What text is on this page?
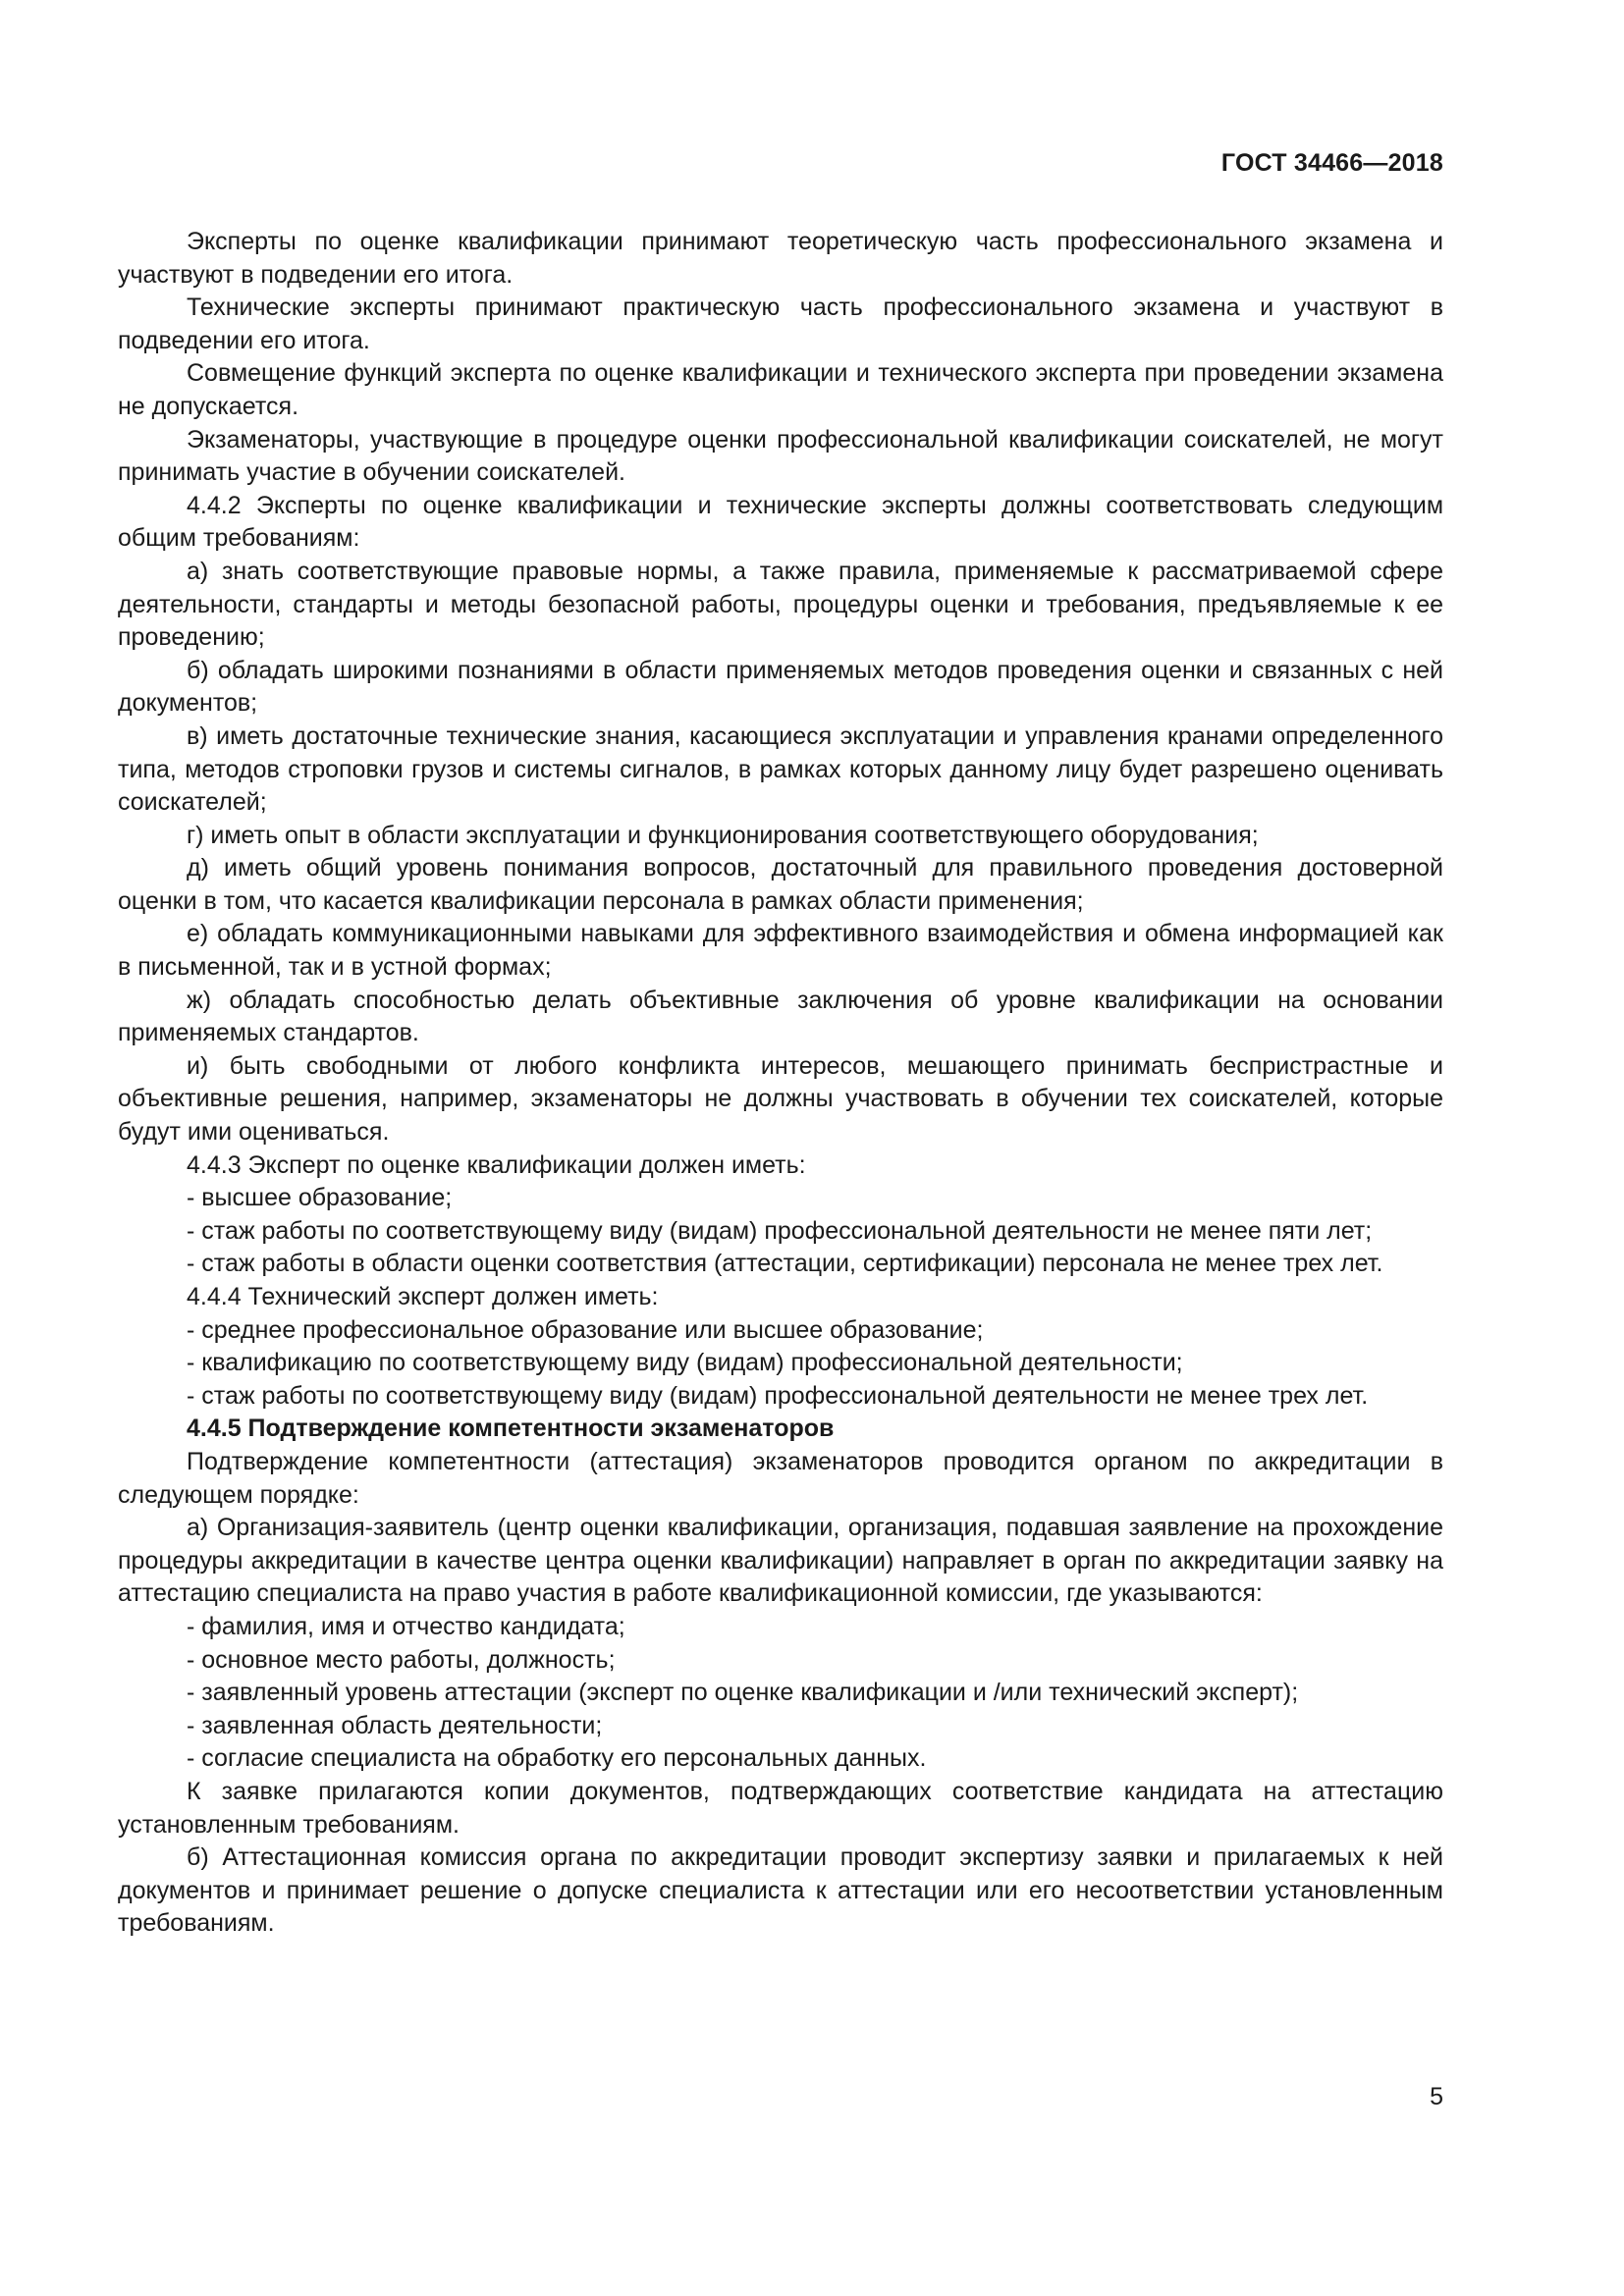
ГОСТ 34466—2018

Эксперты по оценке квалификации принимают теоретическую часть профессионального экзамена и участвуют в подведении его итога.

Технические эксперты принимают практическую часть профессионального экзамена и участвуют в подведении его итога.

Совмещение функций эксперта по оценке квалификации и технического эксперта при проведении экзамена не допускается.

Экзаменаторы, участвующие в процедуре оценки профессиональной квалификации соискателей, не могут принимать участие в обучении соискателей.

4.4.2 Эксперты по оценке квалификации и технические эксперты должны соответствовать следующим общим требованиям:

а) знать соответствующие правовые нормы, а также правила, применяемые к рассматриваемой сфере деятельности, стандарты и методы безопасной работы, процедуры оценки и требования, предъявляемые к ее проведению;

б) обладать широкими познаниями в области применяемых методов проведения оценки и связанных с ней документов;

в) иметь достаточные технические знания, касающиеся эксплуатации и управления кранами определенного типа, методов строповки грузов и системы сигналов, в рамках которых данному лицу будет разрешено оценивать соискателей;

г) иметь опыт в области эксплуатации и функционирования соответствующего оборудования;

д) иметь общий уровень понимания вопросов, достаточный для правильного проведения достоверной оценки в том, что касается квалификации персонала в рамках области применения;

е) обладать коммуникационными навыками для эффективного взаимодействия и обмена информацией как в письменной, так и в устной формах;

ж) обладать способностью делать объективные заключения об уровне квалификации на основании применяемых стандартов.

и) быть свободными от любого конфликта интересов, мешающего принимать беспристрастные и объективные решения, например, экзаменаторы не должны участвовать в обучении тех соискателей, которые будут ими оцениваться.

4.4.3 Эксперт по оценке квалификации должен иметь:

- высшее образование;

- стаж работы по соответствующему виду (видам) профессиональной деятельности не менее пяти лет;

- стаж работы в области оценки соответствия (аттестации, сертификации) персонала не менее трех лет.

4.4.4 Технический эксперт должен иметь:

- среднее профессиональное образование или высшее образование;

- квалификацию по соответствующему виду (видам) профессиональной деятельности;

- стаж работы по соответствующему виду (видам) профессиональной деятельности не менее трех лет.

4.4.5 Подтверждение компетентности экзаменаторов

Подтверждение компетентности (аттестация) экзаменаторов проводится органом по аккредитации в следующем порядке:

а) Организация-заявитель (центр оценки квалификации, организация, подавшая заявление на прохождение процедуры аккредитации в качестве центра оценки квалификации) направляет в орган по аккредитации заявку на аттестацию специалиста на право участия в работе квалификационной комиссии, где указываются:

- фамилия, имя и отчество кандидата;

- основное место работы, должность;

- заявленный уровень аттестации (эксперт по оценке квалификации и /или технический эксперт);

- заявленная область деятельности;

- согласие специалиста на обработку его персональных данных.

К заявке прилагаются копии документов, подтверждающих соответствие кандидата на аттестацию установленным требованиям.

б) Аттестационная комиссия органа по аккредитации проводит экспертизу заявки и прилагаемых к ней документов и принимает решение о допуске специалиста к аттестации или его несоответствии установленным требованиям.

5
